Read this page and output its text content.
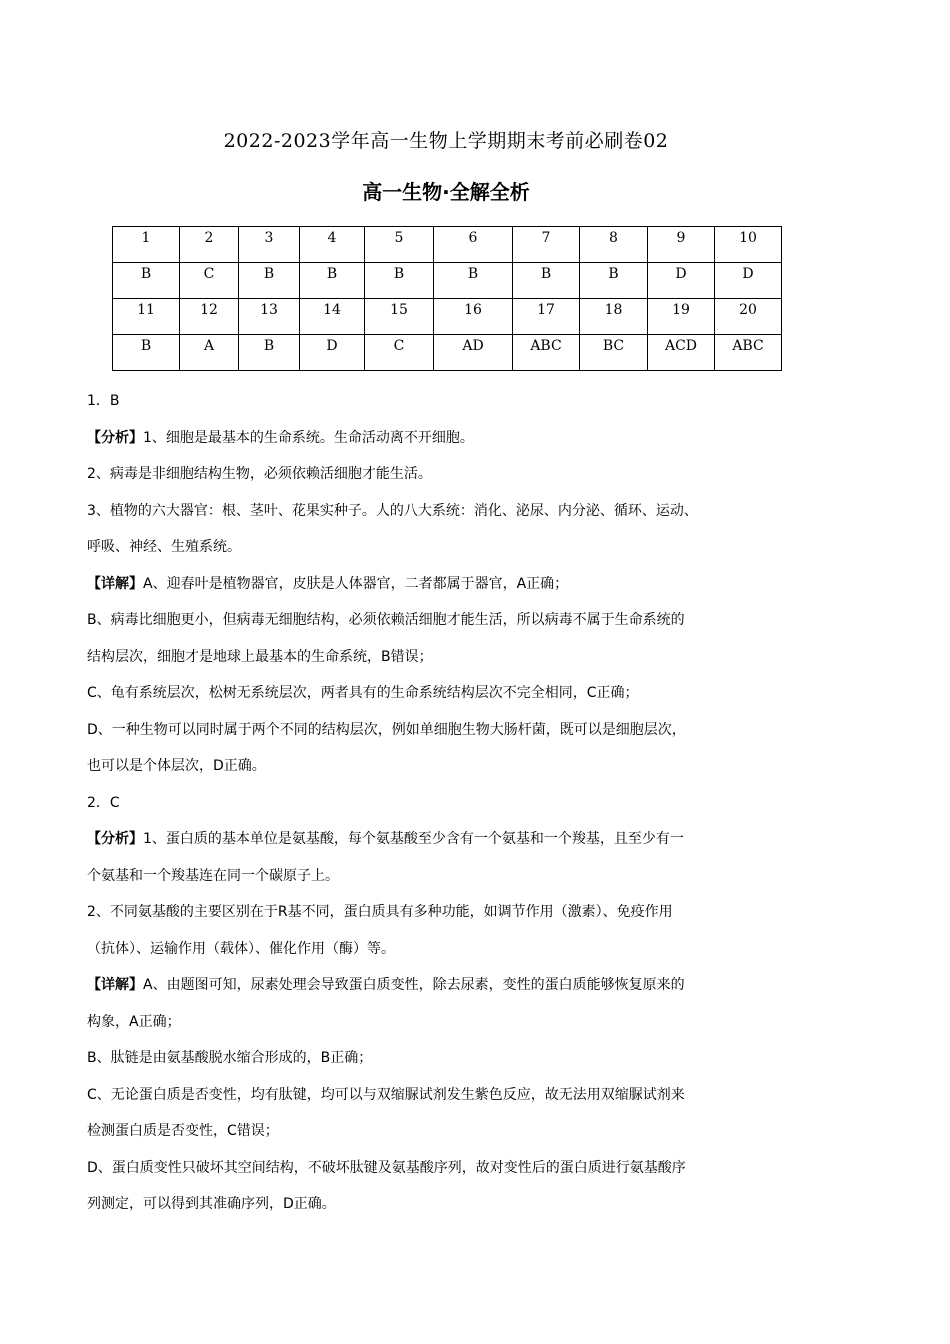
2022-2023学年高一生物上学期期末考前必刷卷02
高一生物·全解全析
1	2	3	4	5	6	7	8	9	10
B	C	B	B	B	B	B	B	D	D
11	12	13	14	15	16	17	18	19	20
B	A	B	D	C	AD	ABC	BC	ACD	ABC

1．B

【分析】1、细胞是最基本的生命系统。生命活动离不开细胞。

2、病毒是非细胞结构生物，必须依赖活细胞才能生活。

3、植物的六大器官：根、茎叶、花果实种子。人的八大系统：消化、泌尿、内分泌、循环、运动、

呼吸、神经、生殖系统。

【详解】A、迎春叶是植物器官，皮肤是人体器官，二者都属于器官，A正确；

B、病毒比细胞更小，但病毒无细胞结构，必须依赖活细胞才能生活，所以病毒不属于生命系统的

结构层次，细胞才是地球上最基本的生命系统，B错误；

C、龟有系统层次，松树无系统层次，两者具有的生命系统结构层次不完全相同，C正确；

D、一种生物可以同时属于两个不同的结构层次，例如单细胞生物大肠杆菌，既可以是细胞层次，

也可以是个体层次，D正确。

2．C

【分析】1、蛋白质的基本单位是氨基酸，每个氨基酸至少含有一个氨基和一个羧基，且至少有一

个氨基和一个羧基连在同一个碳原子上。

2、不同氨基酸的主要区别在于R基不同，蛋白质具有多种功能，如调节作用（激素）、免疫作用

（抗体）、运输作用（载体）、催化作用（酶）等。

【详解】A、由题图可知，尿素处理会导致蛋白质变性，除去尿素，变性的蛋白质能够恢复原来的

构象，A正确；

B、肽链是由氨基酸脱水缩合形成的，B正确；

C、无论蛋白质是否变性，均有肽键，均可以与双缩脲试剂发生紫色反应，故无法用双缩脲试剂来

检测蛋白质是否变性，C错误；

D、蛋白质变性只破坏其空间结构，不破坏肽键及氨基酸序列，故对变性后的蛋白质进行氨基酸序

列测定，可以得到其准确序列，D正确。
